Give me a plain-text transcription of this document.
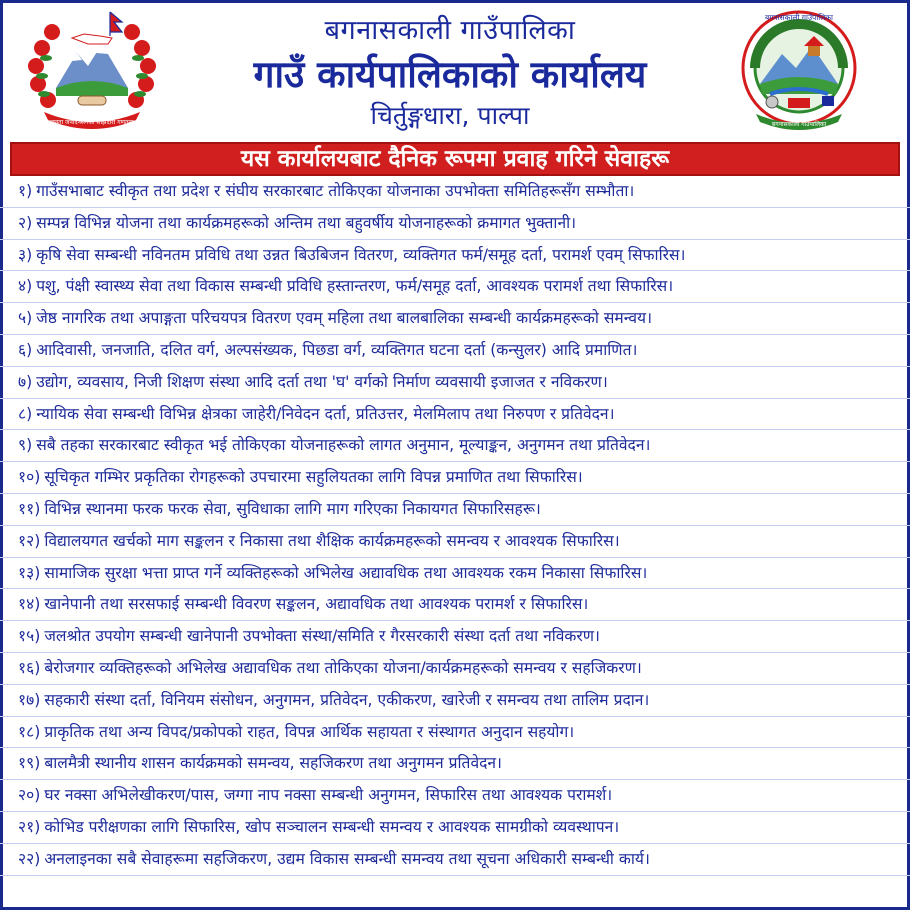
जनता जनार्दनसँगको साझेदारी गणतन्त्र
बगनासकाली गाउँपालिका
गाउँ कार्यपालिकाको कार्यालय
चिर्तुङ्गधारा, पाल्पा
बगनासकाली गाउँपालिका
बगनासकाली गाउँपालिका
यस कार्यालयबाट दैनिक रूपमा प्रवाह गरिने सेवाहरू
१) गाउँसभाबाट स्वीकृत तथा प्रदेश र संघीय सरकारबाट तोकिएका योजनाका उपभोक्ता समितिहरूसँग सम्भौता।
२) सम्पन्न विभिन्न योजना तथा कार्यक्रमहरूको अन्तिम तथा बहुवर्षीय योजनाहरूको क्रमागत भुक्तानी।
३) कृषि सेवा सम्बन्धी नविनतम प्रविधि तथा उन्नत बिउबिजन वितरण, व्यक्तिगत फर्म/समूह दर्ता, परामर्श एवम् सिफारिस।
४) पशु, पंक्षी स्वास्थ्य सेवा तथा विकास सम्बन्धी प्रविधि हस्तान्तरण, फर्म/समूह दर्ता, आवश्यक परामर्श तथा सिफारिस।
५) जेष्ठ नागरिक तथा अपाङ्गता परिचयपत्र वितरण एवम् महिला तथा बालबालिका सम्बन्धी कार्यक्रमहरूको समन्वय।
६) आदिवासी, जनजाति, दलित वर्ग, अल्पसंख्यक, पिछडा वर्ग, व्यक्तिगत घटना दर्ता (कन्सुलर) आदि प्रमाणित।
७) उद्योग, व्यवसाय, निजी शिक्षण संस्था आदि दर्ता तथा 'घ' वर्गको निर्माण व्यवसायी इजाजत र नविकरण।
८) न्यायिक सेवा सम्बन्धी विभिन्न क्षेत्रका जाहेरी/निवेदन दर्ता, प्रतिउत्तर, मेलमिलाप तथा निरुपण र प्रतिवेदन।
९) सबै तहका सरकारबाट स्वीकृत भई तोकिएका योजनाहरूको लागत अनुमान, मूल्याङ्कन, अनुगमन तथा प्रतिवेदन।
१०) सूचिकृत गम्भिर प्रकृतिका रोगहरूको उपचारमा सहुलियतका लागि विपन्न प्रमाणित तथा सिफारिस।
११) विभिन्न स्थानमा फरक फरक सेवा, सुविधाका लागि माग गरिएका निकायगत सिफारिसहरू।
१२) विद्यालयगत खर्चको माग सङ्कलन र निकासा तथा शैक्षिक कार्यक्रमहरूको समन्वय र आवश्यक सिफारिस।
१३) सामाजिक सुरक्षा भत्ता प्राप्त गर्ने व्यक्तिहरूको अभिलेख अद्यावधिक तथा आवश्यक रकम निकासा सिफारिस।
१४) खानेपानी तथा सरसफाई सम्बन्धी विवरण सङ्कलन, अद्यावधिक तथा आवश्यक परामर्श र सिफारिस।
१५) जलश्रोत उपयोग सम्बन्धी खानेपानी उपभोक्ता संस्था/समिति र गैरसरकारी संस्था दर्ता तथा नविकरण।
१६) बेरोजगार व्यक्तिहरूको अभिलेख अद्यावधिक तथा तोकिएका योजना/कार्यक्रमहरूको समन्वय र सहजिकरण।
१७) सहकारी संस्था दर्ता, विनियम संसोधन, अनुगमन, प्रतिवेदन, एकीकरण, खारेजी र समन्वय तथा तालिम प्रदान।
१८) प्राकृतिक तथा अन्य विपद/प्रकोपको राहत, विपन्न आर्थिक सहायता र संस्थागत अनुदान सहयोग।
१९) बालमैत्री स्थानीय शासन कार्यक्रमको समन्वय, सहजिकरण तथा अनुगमन प्रतिवेदन।
२०) घर नक्सा अभिलेखीकरण/पास, जग्गा नाप नक्सा सम्बन्धी अनुगमन, सिफारिस तथा आवश्यक परामर्श।
२१) कोभिड परीक्षणका लागि सिफारिस, खोप सञ्चालन सम्बन्धी समन्वय र आवश्यक सामग्रीको व्यवस्थापन।
२२) अनलाइनका सबै सेवाहरूमा सहजिकरण, उद्यम विकास सम्बन्धी समन्वय तथा सूचना अधिकारी सम्बन्धी कार्य।
